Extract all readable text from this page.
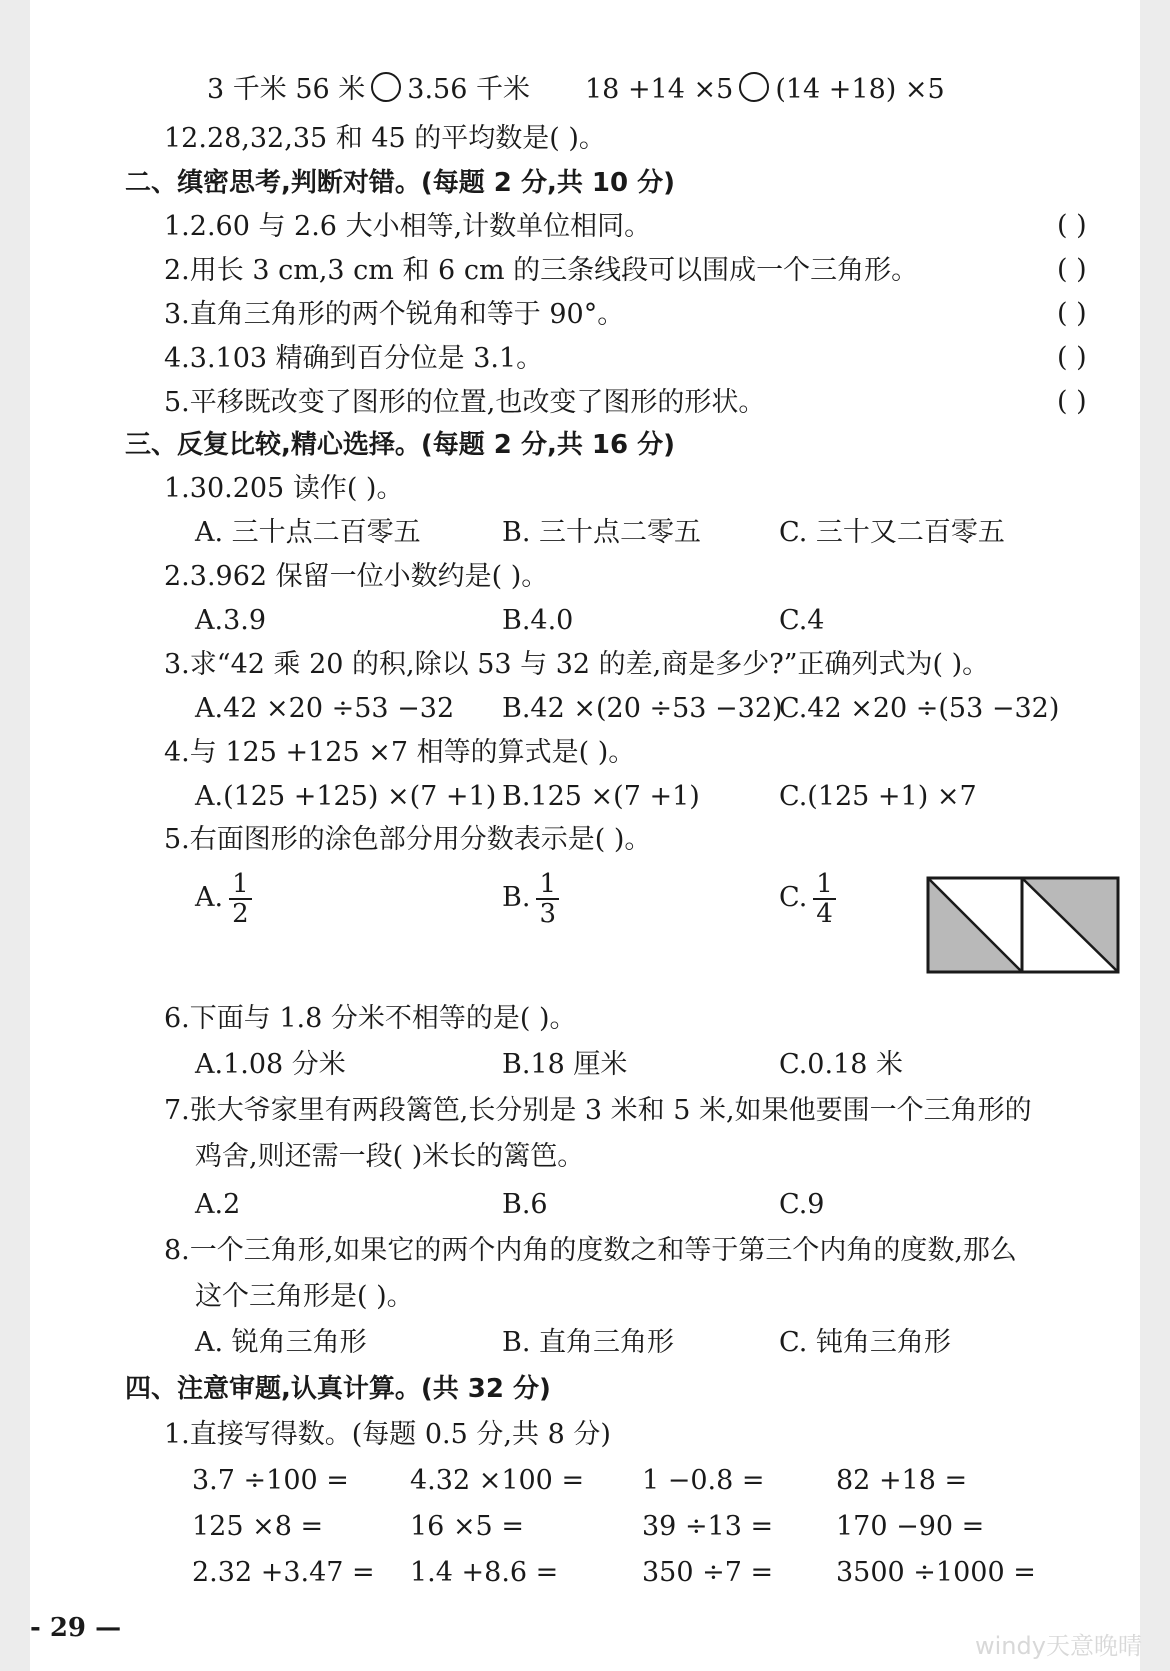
3 千米 56 米 3.56 千米 18 +14 ×5 (14 +18) ×5
12.28,32,35 和 45 的平均数是( )。
二、缜密思考,判断对错。(每题 2 分,共 10 分)
1.2.60 与 2.6 大小相等,计数单位相同。	( )
2.用长 3 cm,3 cm 和 6 cm 的三条线段可以围成一个三角形。	( )
3.直角三角形的两个锐角和等于 90°。	( )
4.3.103 精确到百分位是 3.1。	( )
5.平移既改变了图形的位置,也改变了图形的形状。	( )
三、反复比较,精心选择。(每题 2 分,共 16 分)
1.30.205 读作( )。
A. 三十点二百零五	B. 三十点二零五	C. 三十又二百零五
2.3.962 保留一位小数约是( )。
A.3.9	B.4.0	C.4
3.求“42 乘 20 的积,除以 53 与 32 的差,商是多少?”正确列式为( )。
A.42 ×20 ÷53 −32 B.42 ×(20 ÷53 −32)
C.42 ×20 ÷(53 −32)
4.与 125 +125 ×7 相等的算式是( )。
A.(125 +125) ×(7 +1) B.125 ×(7 +1)	C.(125 +1) ×7
5.右面图形的涂色部分用分数表示是( )。
A. $\frac{1}{2}$	B. $\frac{1}{3}$	C. $\frac{1}{4}$
6.下面与 1.8 分米不相等的是( )。
A.1.08 分米	B.18 厘米	C.0.18 米
7.张大爷家里有两段篱笆,长分别是 3 米和 5 米,如果他要围一个三角形的
鸡舍,则还需一段( )米长的篱笆。
A.2	B.6	C.9
8.一个三角形,如果它的两个内角的度数之和等于第三个内角的度数,那么
这个三角形是( )。
A. 锐角三角形	B. 直角三角形	C. 钝角三角形
四、注意审题,认真计算。(共 32 分)
1.直接写得数。(每题 0.5 分,共 8 分)
3.7 ÷100 = 4.32 ×100 = 1 −0.8 =	82 +18 =
125 ×8 =	16 ×5 =	39 ÷13 = 170 −90 =
2.32 +3.47 = 1.4 +8.6 =	350 ÷7 = 3500 ÷1000 =
- 29 —
windy天意晚晴
